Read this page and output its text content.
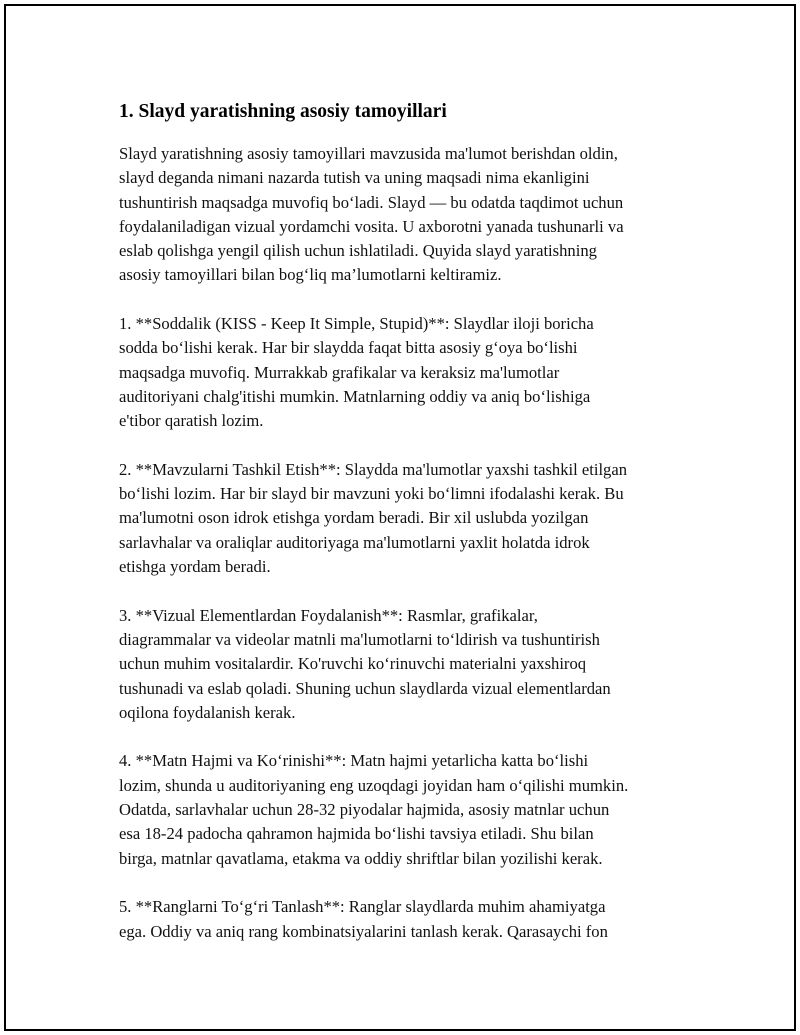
1. Slayd yaratishning asosiy tamoyillari

Slayd yaratishning asosiy tamoyillari mavzusida ma'lumot berishdan oldin,
slayd deganda nimani nazarda tutish va uning maqsadi nima ekanligini
tushuntirish maqsadga muvofiq bo‘ladi. Slayd — bu odatda taqdimot uchun
foydalaniladigan vizual yordamchi vosita. U axborotni yanada tushunarli va
eslab qolishga yengil qilish uchun ishlatiladi. Quyida slayd yaratishning
asosiy tamoyillari bilan bog‘liq ma’lumotlarni keltiramiz.

1. **Soddalik (KISS - Keep It Simple, Stupid)**: Slaydlar iloji boricha
sodda bo‘lishi kerak. Har bir slaydda faqat bitta asosiy g‘oya bo‘lishi
maqsadga muvofiq. Murrakkab grafikalar va keraksiz ma'lumotlar
auditoriyani chalg'itishi mumkin. Matnlarning oddiy va aniq bo‘lishiga
e'tibor qaratish lozim.

2. **Mavzularni Tashkil Etish**: Slaydda ma'lumotlar yaxshi tashkil etilgan
bo‘lishi lozim. Har bir slayd bir mavzuni yoki bo‘limni ifodalashi kerak. Bu
ma'lumotni oson idrok etishga yordam beradi. Bir xil uslubda yozilgan
sarlavhalar va oraliqlar auditoriyaga ma'lumotlarni yaxlit holatda idrok
etishga yordam beradi.

3. **Vizual Elementlardan Foydalanish**: Rasmlar, grafikalar,
diagrammalar va videolar matnli ma'lumotlarni to‘ldirish va tushuntirish
uchun muhim vositalardir. Ko'ruvchi ko‘rinuvchi materialni yaxshiroq
tushunadi va eslab qoladi. Shuning uchun slaydlarda vizual elementlardan
oqilona foydalanish kerak.

4. **Matn Hajmi va Ko‘rinishi**: Matn hajmi yetarlicha katta bo‘lishi
lozim, shunda u auditoriyaning eng uzoqdagi joyidan ham o‘qilishi mumkin.
Odatda, sarlavhalar uchun 28-32 piyodalar hajmida, asosiy matnlar uchun
esa 18-24 padocha qahramon hajmida bo‘lishi tavsiya etiladi. Shu bilan
birga, matnlar qavatlama, etakma va oddiy shriftlar bilan yozilishi kerak.

5. **Ranglarni To‘g‘ri Tanlash**: Ranglar slaydlarda muhim ahamiyatga
ega. Oddiy va aniq rang kombinatsiyalarini tanlash kerak. Qarasaychi fon
